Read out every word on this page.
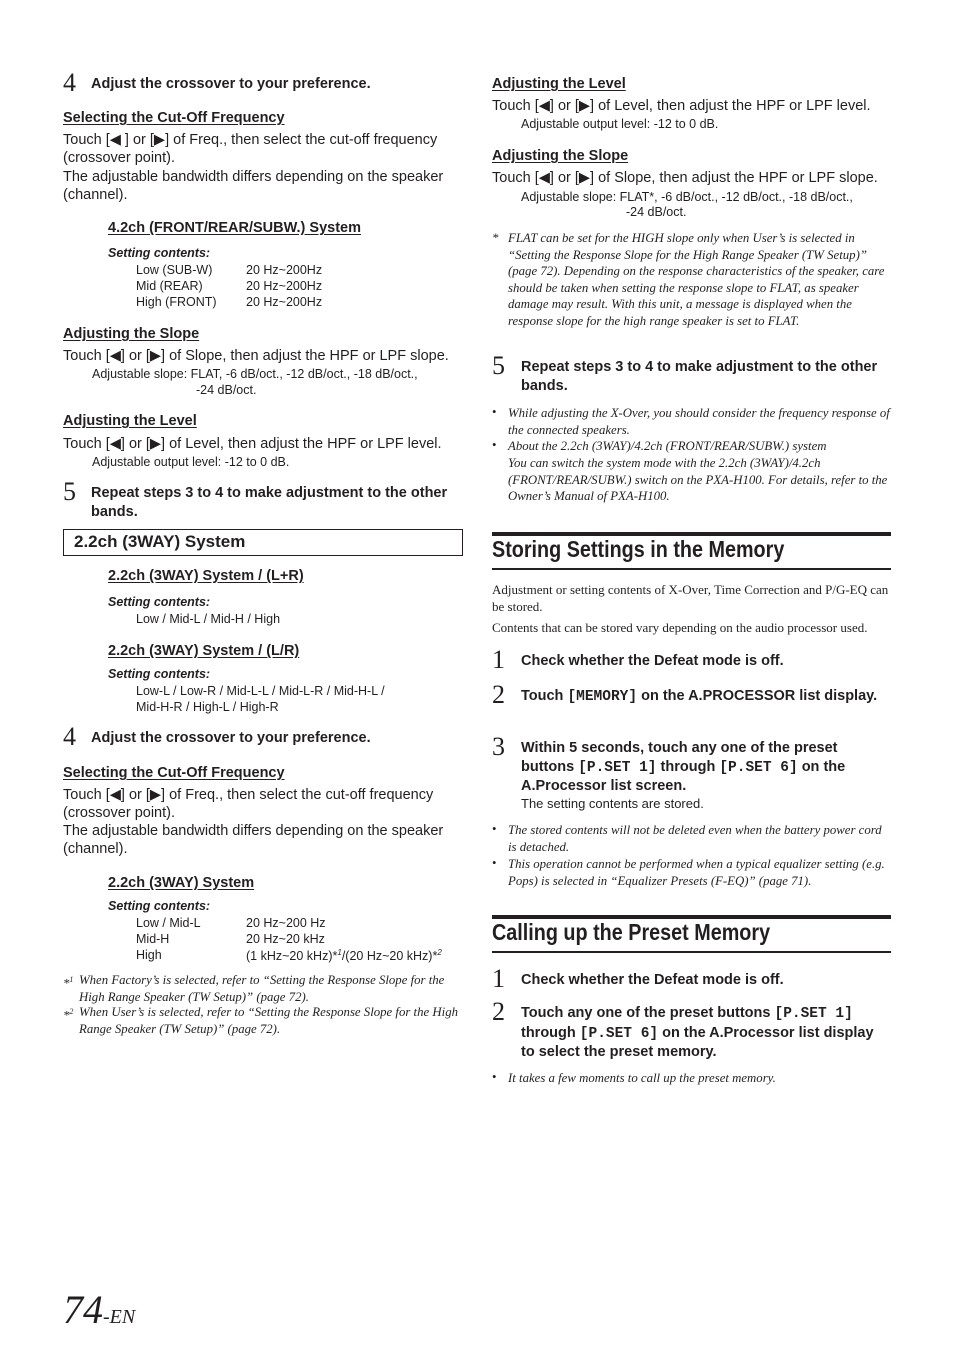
4 Adjust the crossover to your preference.
Selecting the Cut-Off Frequency
Touch [◀ ] or [▶] of Freq., then select the cut-off frequency (crossover point).
The adjustable bandwidth differs depending on the speaker (channel).
4.2ch (FRONT/REAR/SUBW.) System
Setting contents:
Low (SUB-W)	20 Hz~200Hz
Mid (REAR)	20 Hz~200Hz
High (FRONT) 20 Hz~200Hz
Adjusting the Slope
Touch [◀] or [▶] of Slope, then adjust the HPF or LPF slope.
Adjustable slope: FLAT, -6 dB/oct., -12 dB/oct., -18 dB/oct.,
-24 dB/oct.
Adjusting the Level
Touch [◀] or [▶] of Level, then adjust the HPF or LPF level.
Adjustable output level: -12 to 0 dB.
5 Repeat steps 3 to 4 to make adjustment to the other bands.
2.2ch (3WAY) System
2.2ch (3WAY) System / (L+R)
Setting contents:
Low / Mid-L / Mid-H / High
2.2ch (3WAY) System / (L/R)
Setting contents:
Low-L / Low-R / Mid-L-L / Mid-L-R / Mid-H-L /
Mid-H-R / High-L / High-R
4 Adjust the crossover to your preference.
Selecting the Cut-Off Frequency
Touch [◀] or [▶] of Freq., then select the cut-off frequency (crossover point).
The adjustable bandwidth differs depending on the speaker (channel).
2.2ch (3WAY) System
Setting contents:
Low / Mid-L	20 Hz~200 Hz
Mid-H	20 Hz~20 kHz
High	(1 kHz~20 kHz)*$^1$/(20 Hz~20 kHz)*$^2$
*$^1$ When Factory’s is selected, refer to “Setting the Response Slope for the High Range Speaker (TW Setup)” (page 72).
*$^2$ When User’s is selected, refer to “Setting the Response Slope for the High Range Speaker (TW Setup)” (page 72).
Adjusting the Level
Touch [◀] or [▶] of Level, then adjust the HPF or LPF level.
Adjustable output level: -12 to 0 dB.
Adjusting the Slope
Touch [◀] or [▶] of Slope, then adjust the HPF or LPF slope.
Adjustable slope: FLAT*, -6 dB/oct., -12 dB/oct., -18 dB/oct.,
-24 dB/oct.
* FLAT can be set for the HIGH slope only when User’s is selected in “Setting the Response Slope for the High Range Speaker (TW Setup)” (page 72). Depending on the response characteristics of the speaker, care should be taken when setting the response slope to FLAT, as speaker damage may result. With this unit, a message is displayed when the response slope for the high range speaker is set to FLAT.
5 Repeat steps 3 to 4 to make adjustment to the other bands.
• While adjusting the X-Over, you should consider the frequency response of the connected speakers.
• About the 2.2ch (3WAY)/4.2ch (FRONT/REAR/SUBW.) system
You can switch the system mode with the 2.2ch (3WAY)/4.2ch (FRONT/REAR/SUBW.) switch on the PXA-H100. For details, refer to the Owner’s Manual of PXA-H100.
Storing Settings in the Memory
Adjustment or setting contents of X-Over, Time Correction and P/G-EQ can be stored.
Contents that can be stored vary depending on the audio processor used.
1 Check whether the Defeat mode is off.
2 Touch [MEMORY] on the A.PROCESSOR list display.
3 Within 5 seconds, touch any one of the preset buttons [P.SET 1] through [P.SET 6] on the A.Processor list screen.
The setting contents are stored.
• The stored contents will not be deleted even when the battery power cord is detached.
• This operation cannot be performed when a typical equalizer setting (e.g. Pops) is selected in “Equalizer Presets (F-EQ)” (page 71).
Calling up the Preset Memory
1 Check whether the Defeat mode is off.
2 Touch any one of the preset buttons [P.SET 1] through [P.SET 6] on the A.Processor list display to select the preset memory.
• It takes a few moments to call up the preset memory.
74-EN
